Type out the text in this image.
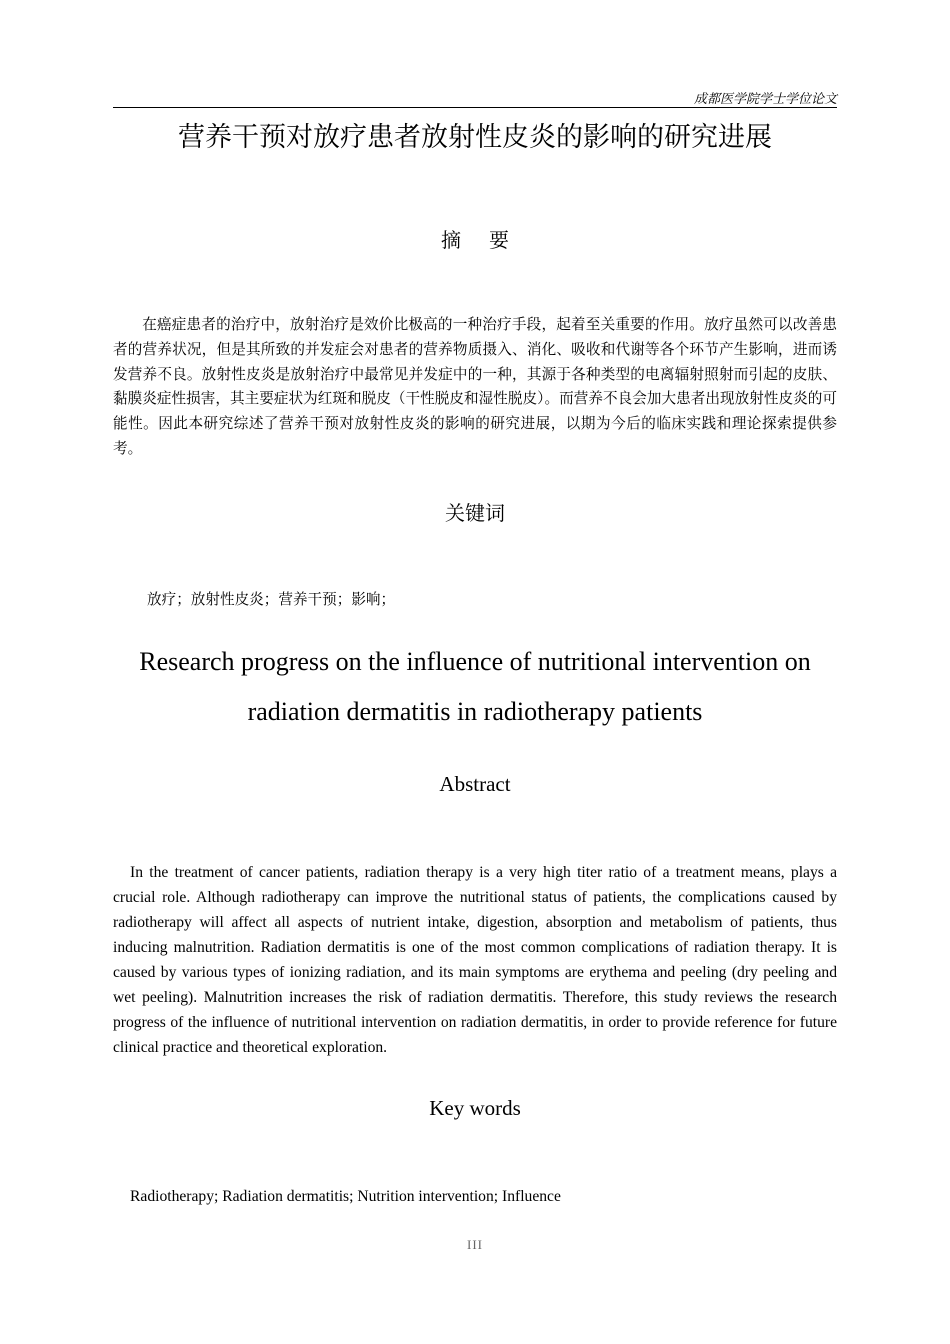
成都医学院学士学位论文
营养干预对放疗患者放射性皮炎的影响的研究进展
摘要
在癌症患者的治疗中，放射治疗是效价比极高的一种治疗手段，起着至关重要的作用。放疗虽然可以改善患者的营养状况，但是其所致的并发症会对患者的营养物质摄入、消化、吸收和代谢等各个环节产生影响，进而诱发营养不良。放射性皮炎是放射治疗中最常见并发症中的一种，其源于各种类型的电离辐射照射而引起的皮肤、黏膜炎症性损害，其主要症状为红斑和脱皮（干性脱皮和湿性脱皮）。而营养不良会加大患者出现放射性皮炎的可能性。因此本研究综述了营养干预对放射性皮炎的影响的研究进展，以期为今后的临床实践和理论探索提供参考。
关键词
放疗；放射性皮炎；营养干预；影响；
Research progress on the influence of nutritional intervention on
radiation dermatitis in radiotherapy patients
Abstract
In the treatment of cancer patients, radiation therapy is a very high titer ratio of a treatment means, plays a crucial role. Although radiotherapy can improve the nutritional status of patients, the complications caused by radiotherapy will affect all aspects of nutrient intake, digestion, absorption and metabolism of patients, thus inducing malnutrition. Radiation dermatitis is one of the most common complications of radiation therapy. It is caused by various types of ionizing radiation, and its main symptoms are erythema and peeling (dry peeling and wet peeling). Malnutrition increases the risk of radiation dermatitis. Therefore, this study reviews the research progress of the influence of nutritional intervention on radiation dermatitis, in order to provide reference for future clinical practice and theoretical exploration.
Key words
Radiotherapy; Radiation dermatitis; Nutrition intervention; Influence
III
